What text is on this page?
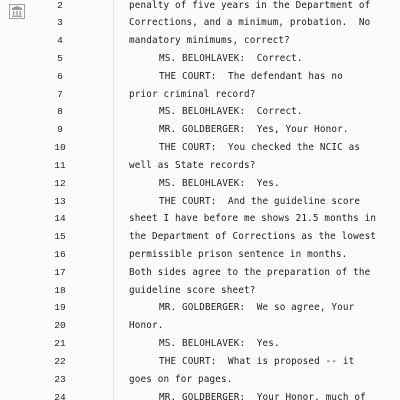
2	penalty of five years in the Department of
3	Corrections, and a minimum, probation.  No
4	mandatory minimums, correct?
5	MS. BELOHLAVEK:  Correct.
6	THE COURT:  The defendant has no
7	prior criminal record?
8	MS. BELOHLAVEK:  Correct.
9	MR. GOLDBERGER:  Yes, Your Honor.
10	THE COURT:  You checked the NCIC as
11	well as State records?
12	MS. BELOHLAVEK:  Yes.
13	THE COURT:  And the guideline score
14	sheet I have before me shows 21.5 months in
15	the Department of Corrections as the lowest
16	permissible prison sentence in months.
17	Both sides agree to the preparation of the
18	guideline score sheet?
19	MR. GOLDBERGER:  We so agree, Your
20	Honor.
21	MS. BELOHLAVEK:  Yes.
22	THE COURT:  What is proposed -- it
23	goes on for pages.
24	MR. GOLDBERGER:  Your Honor, much of
